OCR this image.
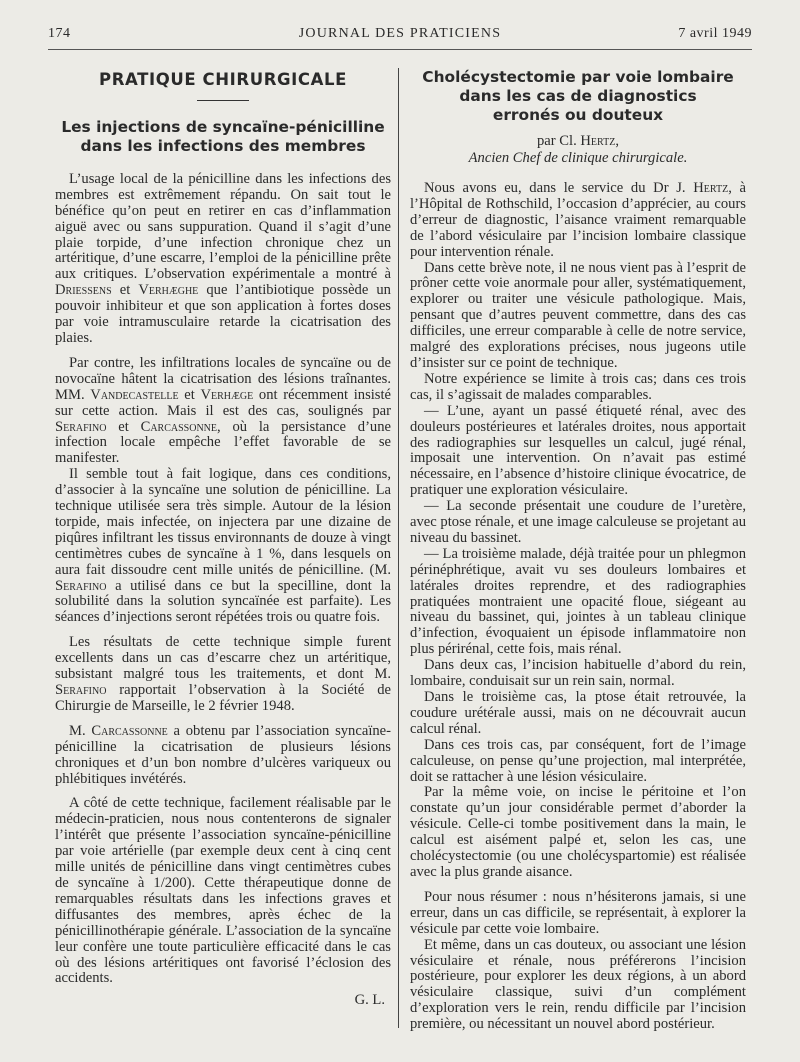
174	JOURNAL DES PRATICIENS	7 avril 1949
PRATIQUE CHIRURGICALE
Les injections de syncaïne-pénicilline
dans les infections des membres

L’usage local de la pénicilline dans les infections des membres est extrêmement répandu. On sait tout le bénéfice qu’on peut en retirer en cas d’inflammation aiguë avec ou sans suppuration. Quand il s’agit d’une plaie torpide, d’une infection chronique chez un artéritique, d’une escarre, l’emploi de la pénicilline prête aux critiques. L’observation expérimentale a montré à Driessens et Verhæghe que l’antibiotique possède un pouvoir inhibiteur et que son application à fortes doses par voie intramusculaire retarde la cicatrisation des plaies.

Par contre, les infiltrations locales de syncaïne ou de novocaïne hâtent la cicatrisation des lésions traînantes. MM. Vandecastelle et Verhæge ont récemment insisté sur cette action. Mais il est des cas, soulignés par Serafino et Carcassonne, où la persistance d’une infection locale empêche l’effet favorable de se manifester.

Il semble tout à fait logique, dans ces conditions, d’associer à la syncaïne une solution de pénicilline. La technique utilisée sera très simple. Autour de la lésion torpide, mais infectée, on injectera par une dizaine de piqûres infiltrant les tissus environnants de douze à vingt centimètres cubes de syncaïne à 1 %, dans lesquels on aura fait dissoudre cent mille unités de pénicilline. (M. Serafino a utilisé dans ce but la specilline, dont la solubilité dans la solution syncaïnée est parfaite). Les séances d’injections seront répétées trois ou quatre fois.

Les résultats de cette technique simple furent excellents dans un cas d’escarre chez un artéritique, subsistant malgré tous les traitements, et dont M. Serafino rapportait l’observation à la Société de Chirurgie de Marseille, le 2 février 1948.

M. Carcassonne a obtenu par l’association syncaïne-pénicilline la cicatrisation de plusieurs lésions chroniques et d’un bon nombre d’ulcères variqueux ou phlébitiques invétérés.

A côté de cette technique, facilement réalisable par le médecin-praticien, nous nous contenterons de signaler l’intérêt que présente l’association syncaïne-pénicilline par voie artérielle (par exemple deux cent à cinq cent mille unités de pénicilline dans vingt centimètres cubes de syncaïne à 1/200). Cette thérapeutique donne de remarquables résultats dans les infections graves et diffusantes des membres, après échec de la pénicillinothérapie générale. L’association de la syncaïne leur confère une toute particulière efficacité dans le cas où des lésions artéritiques ont favorisé l’éclosion des accidents.

G. L.
Cholécystectomie par voie lombaire
dans les cas de diagnostics
erronés ou douteux
par Cl. Hertz,
Ancien Chef de clinique chirurgicale.

Nous avons eu, dans le service du Dr J. Hertz, à l’Hôpital de Rothschild, l’occasion d’apprécier, au cours d’erreur de diagnostic, l’aisance vraiment remarquable de l’abord vésiculaire par l’incision lombaire classique pour intervention rénale.

Dans cette brève note, il ne nous vient pas à l’esprit de prôner cette voie anormale pour aller, systématiquement, explorer ou traiter une vésicule pathologique. Mais, pensant que d’autres peuvent commettre, dans des cas difficiles, une erreur comparable à celle de notre service, malgré des explorations précises, nous jugeons utile d’insister sur ce point de technique.

Notre expérience se limite à trois cas; dans ces trois cas, il s’agissait de malades comparables.

— L’une, ayant un passé étiqueté rénal, avec des douleurs postérieures et latérales droites, nous apportait des radiographies sur lesquelles un calcul, jugé rénal, imposait une intervention. On n’avait pas estimé nécessaire, en l’absence d’histoire clinique évocatrice, de pratiquer une exploration vésiculaire.

— La seconde présentait une coudure de l’uretère, avec ptose rénale, et une image calculeuse se projetant au niveau du bassinet.

— La troisième malade, déjà traitée pour un phlegmon périnéphrétique, avait vu ses douleurs lombaires et latérales droites reprendre, et des radiographies pratiquées montraient une opacité floue, siégeant au niveau du bassinet, qui, jointes à un tableau clinique d’infection, évoquaient un épisode inflammatoire non plus périrénal, cette fois, mais rénal.

Dans deux cas, l’incision habituelle d’abord du rein, lombaire, conduisait sur un rein sain, normal.

Dans le troisième cas, la ptose était retrouvée, la coudure urétérale aussi, mais on ne découvrait aucun calcul rénal.

Dans ces trois cas, par conséquent, fort de l’image calculeuse, on pense qu’une projection, mal interprétée, doit se rattacher à une lésion vésiculaire.

Par la même voie, on incise le péritoine et l’on constate qu’un jour considérable permet d’aborder la vésicule. Celle-ci tombe positivement dans la main, le calcul est aisément palpé et, selon les cas, une cholécystectomie (ou une cholécyspartomie) est réalisée avec la plus grande aisance.

Pour nous résumer : nous n’hésiterons jamais, si une erreur, dans un cas difficile, se représentait, à explorer la vésicule par cette voie lombaire.

Et même, dans un cas douteux, ou associant une lésion vésiculaire et rénale, nous préférerons l’incision postérieure, pour explorer les deux régions, à un abord vésiculaire classique, suivi d’un complément d’exploration vers le rein, rendu difficile par l’incision première, ou nécessitant un nouvel abord postérieur.
